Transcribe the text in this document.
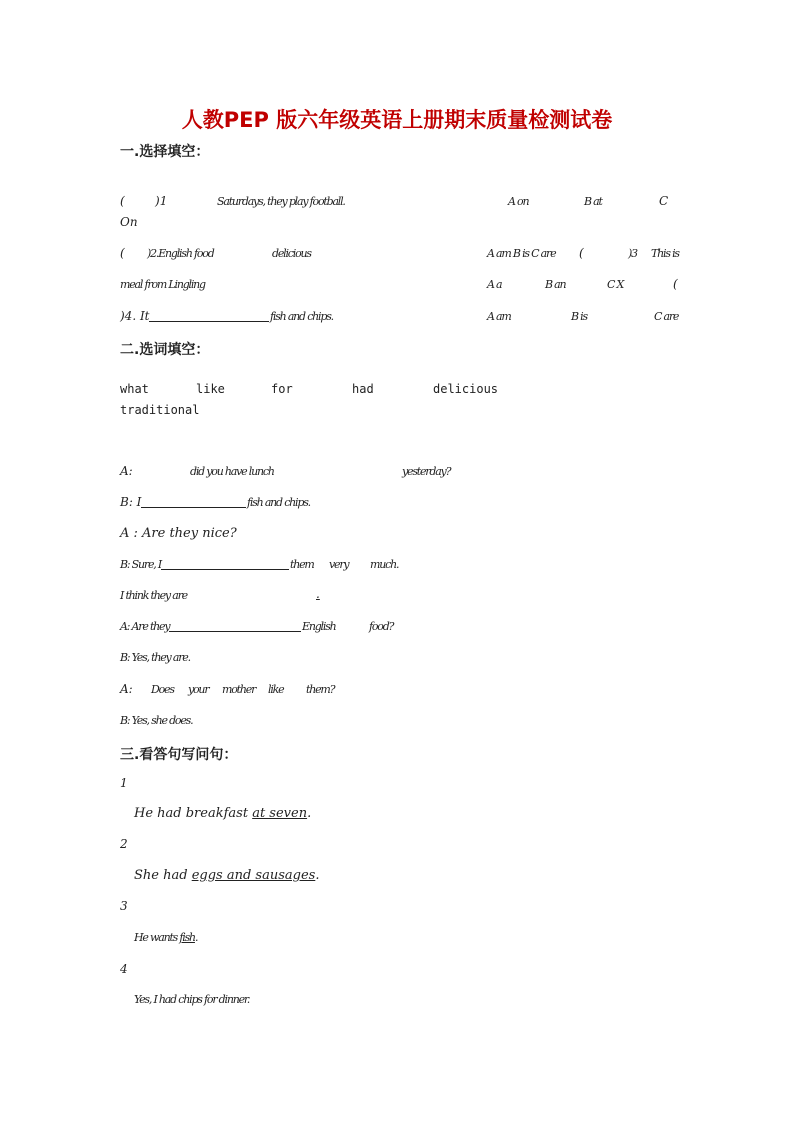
人教PEP 版六年级英语上册期末质量检测试卷
一.选择填空：
(	)1	Saturdays, they play football.	A on	B at	C
On
( )2.English food	delicious	A am B is C are (	)3 This is
meal from Lingling	A a	B an	C X	(
)4. It	fish and chips.	A am	B is	C are
二.选词填空：
what	like	for	had	delicious
traditional
A:	did you have lunch	yesterday?
B: I	fish and chips.
A : Are they nice?
B: Sure, I	them very much.
I think they are	.
A: Are they	English	food?
B: Yes, they are.
A: Does your mother like them?
B: Yes, she does.
三.看答句写问句：
1
He had breakfast at seven.
2
She had eggs and sausages.
3
He wants fish.
4
Yes, I had chips for dinner.
